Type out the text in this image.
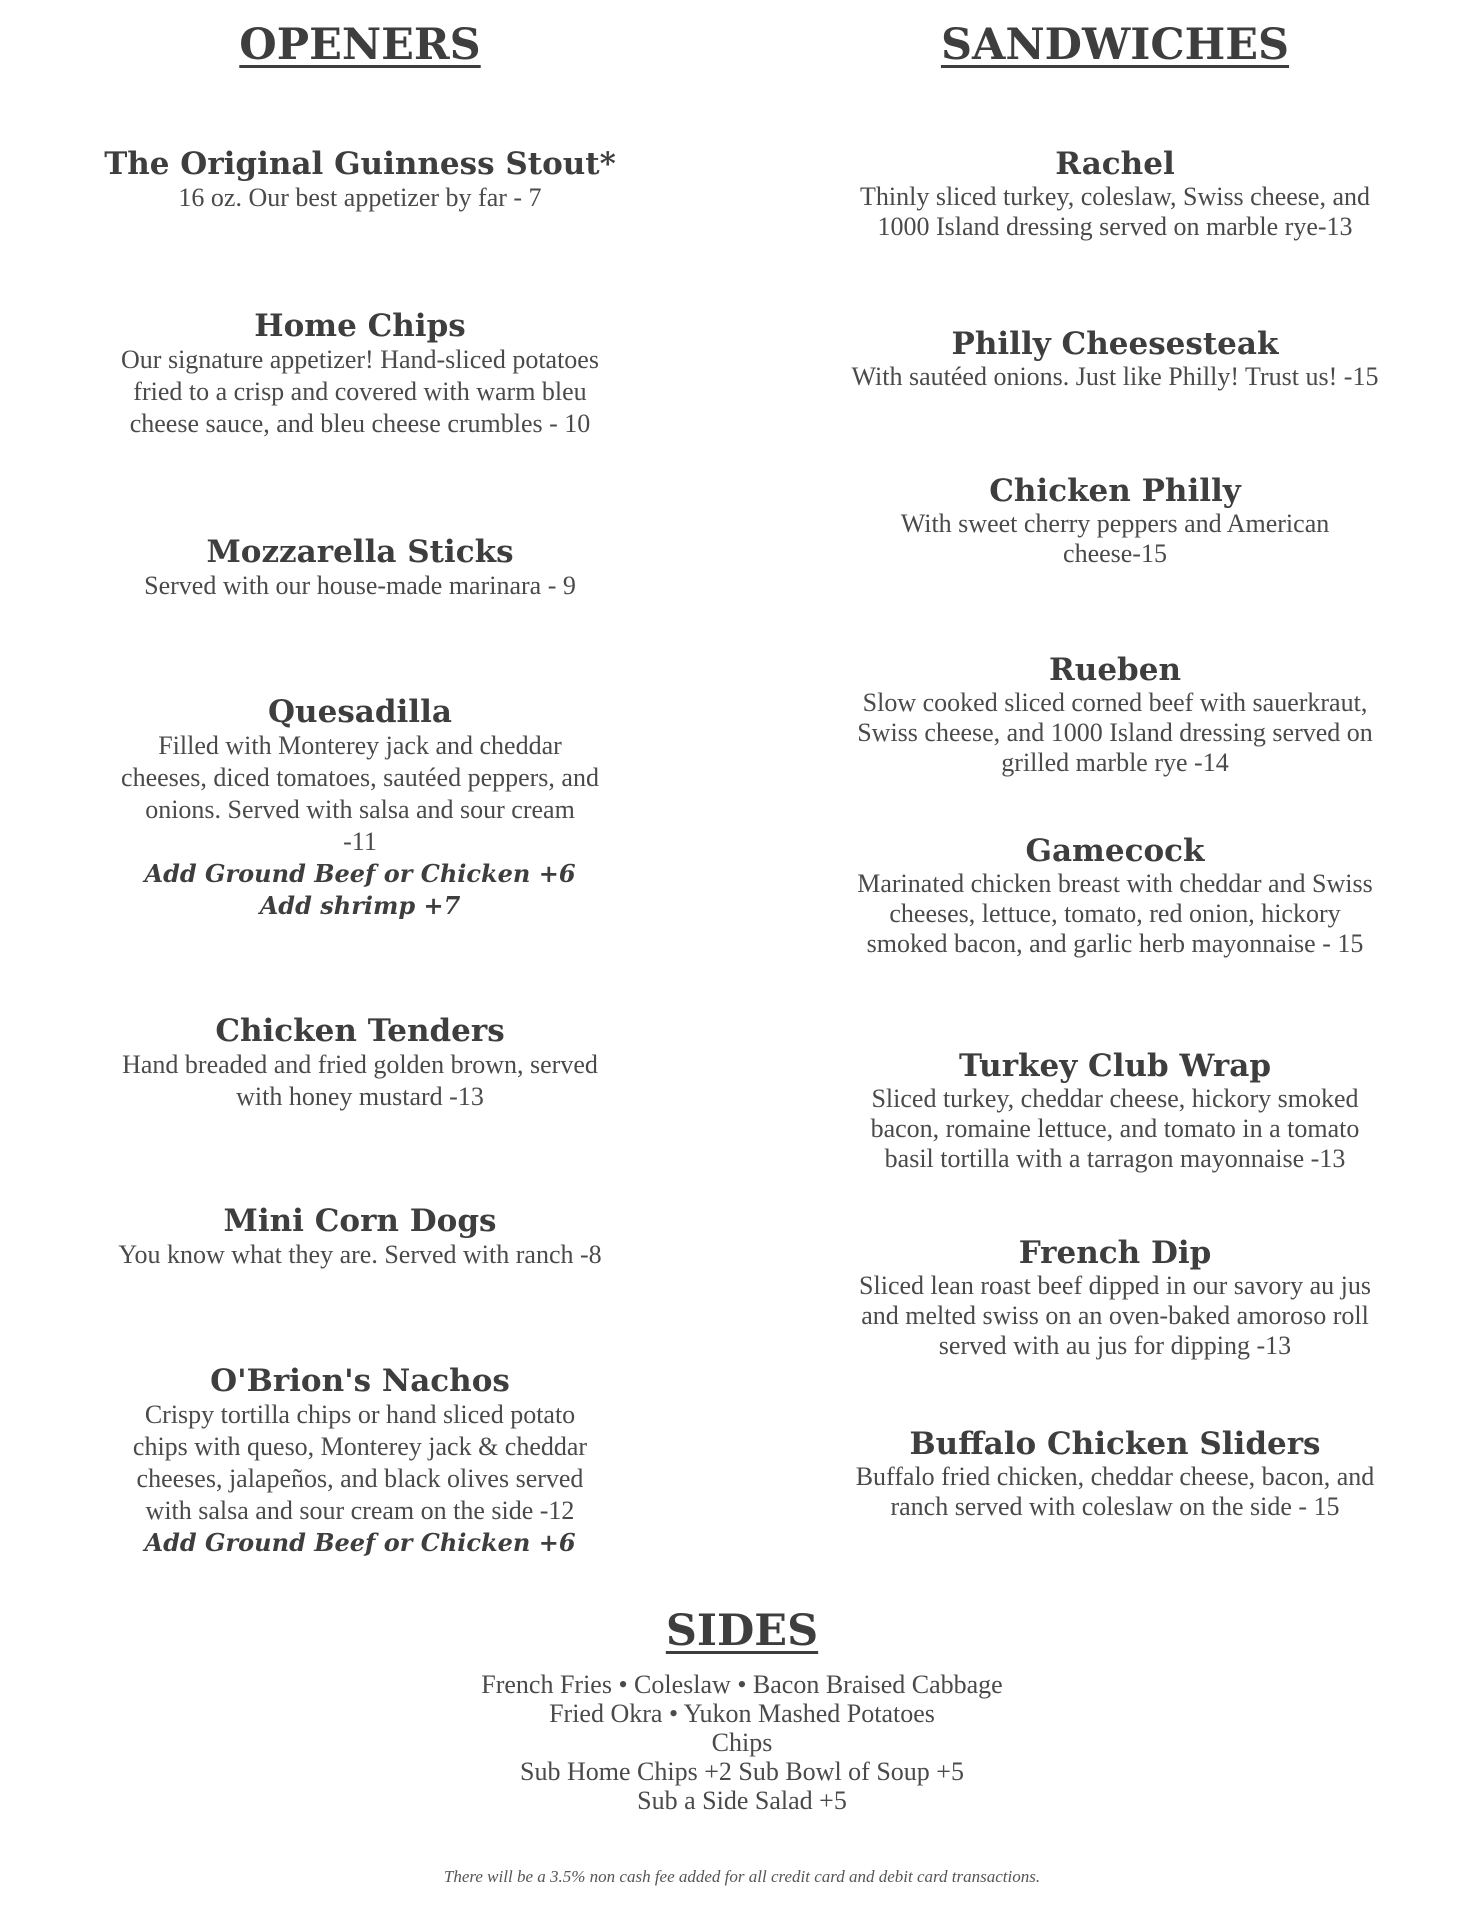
OPENERS	SANDWICHES
The Original Guinness Stout*
16 oz. Our best appetizer by far - 7
Home Chips
Our signature appetizer! Hand-sliced potatoes
fried to a crisp and covered with warm bleu
cheese sauce, and bleu cheese crumbles - 10
Mozzarella Sticks
Served with our house-made marinara - 9
Quesadilla
Filled with Monterey jack and cheddar
cheeses, diced tomatoes, sautéed peppers, and
onions. Served with salsa and sour cream
-11
Add Ground Beef or Chicken +6
Add shrimp +7
Chicken Tenders
Hand breaded and fried golden brown, served
with honey mustard -13
Mini Corn Dogs
You know what they are. Served with ranch -8
O'Brion's Nachos
Crispy tortilla chips or hand sliced potato
chips with queso, Monterey jack & cheddar
cheeses, jalapeños, and black olives served
with salsa and sour cream on the side -12
Add Ground Beef or Chicken +6
Rachel
Thinly sliced turkey, coleslaw, Swiss cheese, and
1000 Island dressing served on marble rye-13
Philly Cheesesteak
With sautéed onions. Just like Philly! Trust us! -15
Chicken Philly
With sweet cherry peppers and American
cheese-15
Rueben
Slow cooked sliced corned beef with sauerkraut,
Swiss cheese, and 1000 Island dressing served on
grilled marble rye -14
Gamecock
Marinated chicken breast with cheddar and Swiss
cheeses, lettuce, tomato, red onion, hickory
smoked bacon, and garlic herb mayonnaise - 15
Turkey Club Wrap
Sliced turkey, cheddar cheese, hickory smoked
bacon, romaine lettuce, and tomato in a tomato
basil tortilla with a tarragon mayonnaise -13
French Dip
Sliced lean roast beef dipped in our savory au jus
and melted swiss on an oven-baked amoroso roll
served with au jus for dipping -13
Buffalo Chicken Sliders
Buffalo fried chicken, cheddar cheese, bacon, and
ranch served with coleslaw on the side - 15
SIDES
French Fries • Coleslaw • Bacon Braised Cabbage
Fried Okra • Yukon Mashed Potatoes
Chips
Sub Home Chips +2 Sub Bowl of Soup +5
Sub a Side Salad +5
There will be a 3.5% non cash fee added for all credit card and debit card transactions.
